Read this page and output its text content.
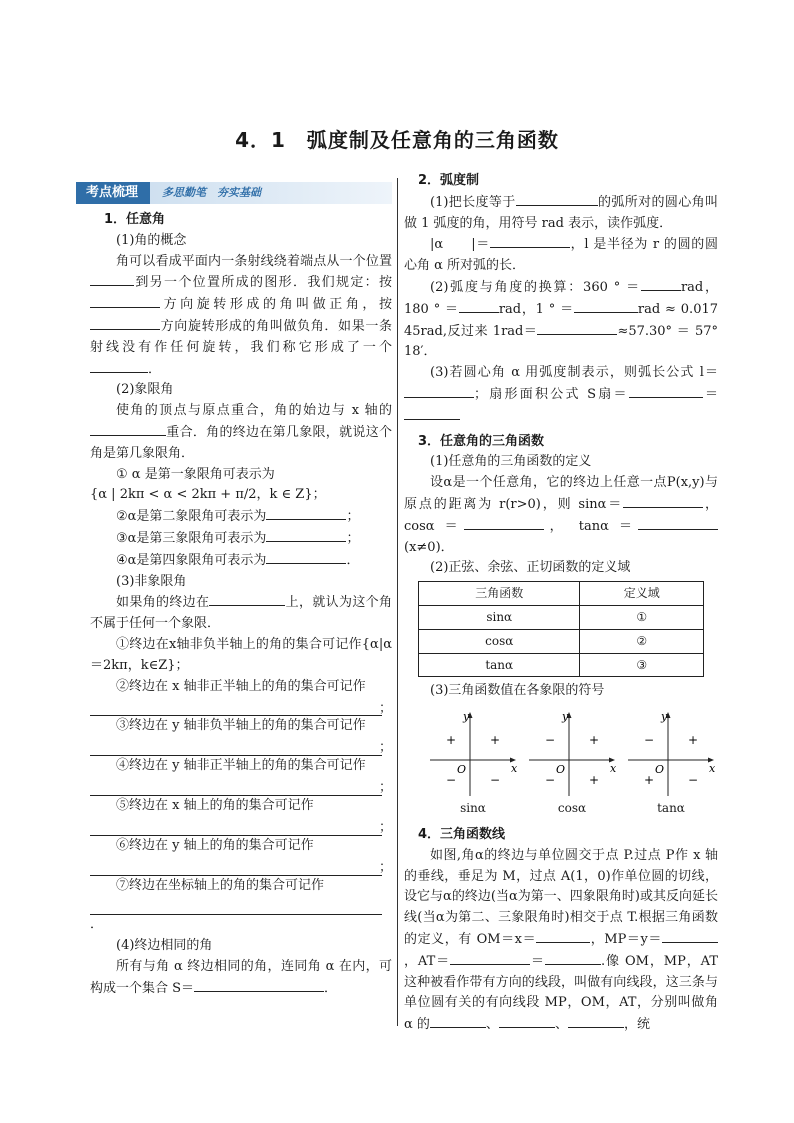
4．1　弧度制及任意角的三角函数
考点梳理	多思勤笔　夯实基础
1．任意角
(1)角的概念
角可以看成平面内一条射线绕着端点从一个位置到另一个位置所成的图形．我们规定：按方向旋转形成的角叫做正角，按方向旋转形成的角叫做负角．如果一条射线没有作任何旋转，我们称它形成了一个．
(2)象限角
使角的顶点与原点重合，角的始边与 x 轴的重合．角的终边在第几象限，就说这个角是第几象限角．
① α 是第一象限角可表示为
{α | 2kπ < α < 2kπ + π/2，k ∈ Z}；
②α是第二象限角可表示为	；
③α是第三象限角可表示为	；
④α是第四象限角可表示为	．
(3)非象限角
如果角的终边在	上，就认为这个角不属于任何一个象限．
①终边在x轴非负半轴上的角的集合可记作{α|α＝2kπ，k∈Z}；
②终边在 x 轴非正半轴上的角的集合可记作
；
③终边在 y 轴非负半轴上的角的集合可记作
；
④终边在 y 轴非正半轴上的角的集合可记作
；
⑤终边在 x 轴上的角的集合可记作
；
⑥终边在 y 轴上的角的集合可记作
；
⑦终边在坐标轴上的角的集合可记作
．
(4)终边相同的角
所有与角 α 终边相同的角，连同角 α 在内，可构成一个集合 S＝	．
2．弧度制
(1)把长度等于	的弧所对的圆心角叫做 1 弧度的角，用符号 rad 表示，读作弧度．
|α　　|＝	，l 是半径为 r 的圆的圆心角 α 所对弧的长．
(2)弧度与角度的换算：360 ° ＝	rad，180 ° ＝	rad，1 ° ＝	rad ≈ 0.017 45rad,反过来 1rad＝	≈57.30° ＝ 57° 18′．
(3)若圆心角 α 用弧度制表示，则弧长公式 l＝；扇形面积公式 S扇＝	＝
3．任意角的三角函数
(1)任意角的三角函数的定义
设α是一个任意角，它的终边上任意一点P(x,y)与原点的距离为 r(r>0)，则 sinα＝	，cosα ＝	， tanα ＝(x≠0)．
(2)正弦、余弦、正切函数的定义域
三角函数	定义域
sinα	①
cosα	②
tanα	③
(3)三角函数值在各象限的符号
y
x
O
+
+
−	−
sinα
y
x
O
+
−
−	+
cosα
y
x
O
+
−
+	−
tanα
4．三角函数线
如图,角α的终边与单位圆交于点 P.过点 P作 x 轴的垂线，垂足为 M，过点 A(1，0)作单位圆的切线，设它与α的终边(当α为第一、四象限角时)或其反向延长线(当α为第二、三象限角时)相交于点 T.根据三角函数的定义，有 OM＝x＝	，MP＝y＝，AT＝	＝	.像 OM，MP，AT 这种被看作带有方向的线段，叫做有向线段，这三条与单位圆有关的有向线段 MP，OM，AT，分别叫做角 α 的	、	、	，统
